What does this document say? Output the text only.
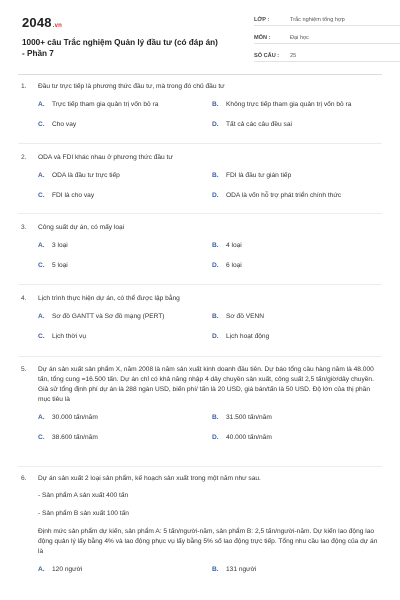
2048.vn
1000+ câu Trắc nghiệm Quản lý đầu tư (có đáp án) - Phần 7
LỚP :	Trắc nghiệm tổng hợp
MÔN :	Đại học
SỐ CÂU :	25
1.	Đầu tư trực tiếp là phương thức đầu tư, mà trong đó chủ đầu tư
A.	Trực tiếp tham gia quản trị vốn bỏ ra	B.	Không trực tiếp tham gia quản trị vốn bỏ ra
C.	Cho vay	D.	Tất cả các câu đều sai
2.	ODA và FDI khác nhau ở phương thức đầu tư
A.	ODA là đầu tư trực tiếp	B.	FDI là đầu tư gián tiếp
C.	FDI là cho vay	D.	ODA là vốn hỗ trợ phát triển chính thức
3.	Công suất dự án, có mấy loại
A.	3 loại	B.	4 loại
C.	5 loại	D.	6 loại
4.	Lịch trình thực hiện dự án, có thể được lập bằng
A.	Sơ đồ GANTT và Sơ đồ mạng (PERT)	B.	Sơ đồ VENN
C.	Lịch thời vụ	D.	Lịch hoạt động
5.	Dự án sản xuất sản phẩm X, năm 2008 là năm sản xuất kinh doanh đầu tiên. Dự báo tổng cầu hàng năm là 48.000 tấn, tổng cung =16.500 tấn. Dự án chỉ có khả năng nhập 4 dây chuyền sản xuất, công suất 2,5 tấn/giờ/dây chuyền. Giả sử tổng định phí dự án là 288 ngàn USD, biến phí/ tấn là 20 USD, giá bán/tấn là 50 USD. Độ lớn của thị phần mục tiêu là
A.	30.000 tấn/năm	B.	31.500 tấn/năm
C.	38.600 tấn/năm	D.	40.000 tấn/năm
6.	Dự án sản xuất 2 loại sản phẩm, kế hoạch sản xuất trong một năm như sau.
- Sản phẩm A sản xuất 400 tấn
- Sản phẩm B sản xuất 100 tấn
Định mức sản phẩm dự kiến, sản phẩm A: 5 tấn/người-năm, sản phẩm B: 2,5 tấn/người-năm. Dự kiến lao động lao động quản lý lấy bằng 4% và lao động phục vụ lấy bằng 5% số lao động trực tiếp. Tổng nhu cầu lao động của dự án là
A.	120 người	B.	131 người
